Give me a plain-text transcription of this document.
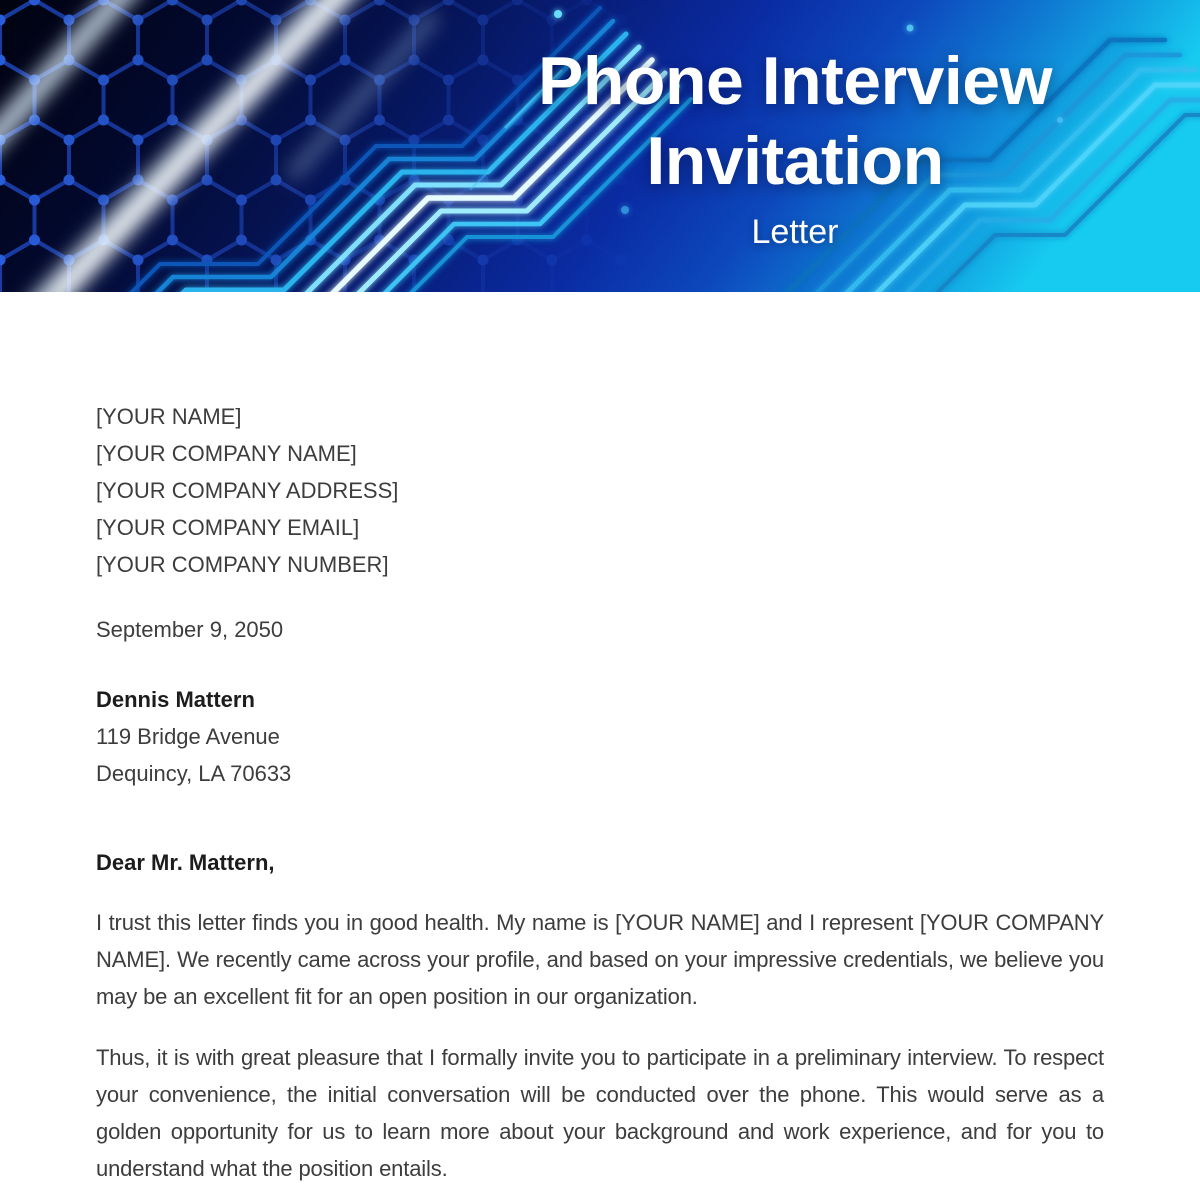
Phone Interview Invitation
Letter
[YOUR NAME]
[YOUR COMPANY NAME]
[YOUR COMPANY ADDRESS]
[YOUR COMPANY EMAIL]
[YOUR COMPANY NUMBER]
September 9, 2050
Dennis Mattern
119 Bridge Avenue
Dequincy, LA 70633
Dear Mr. Mattern,

I trust this letter finds you in good health. My name is [YOUR NAME] and I represent [YOUR COMPANY NAME]. We recently came across your profile, and based on your impressive credentials, we believe you may be an excellent fit for an open position in our organization.

Thus, it is with great pleasure that I formally invite you to participate in a preliminary interview. To respect your convenience, the initial conversation will be conducted over the phone. This would serve as a golden opportunity for us to learn more about your background and work experience, and for you to understand what the position entails.
